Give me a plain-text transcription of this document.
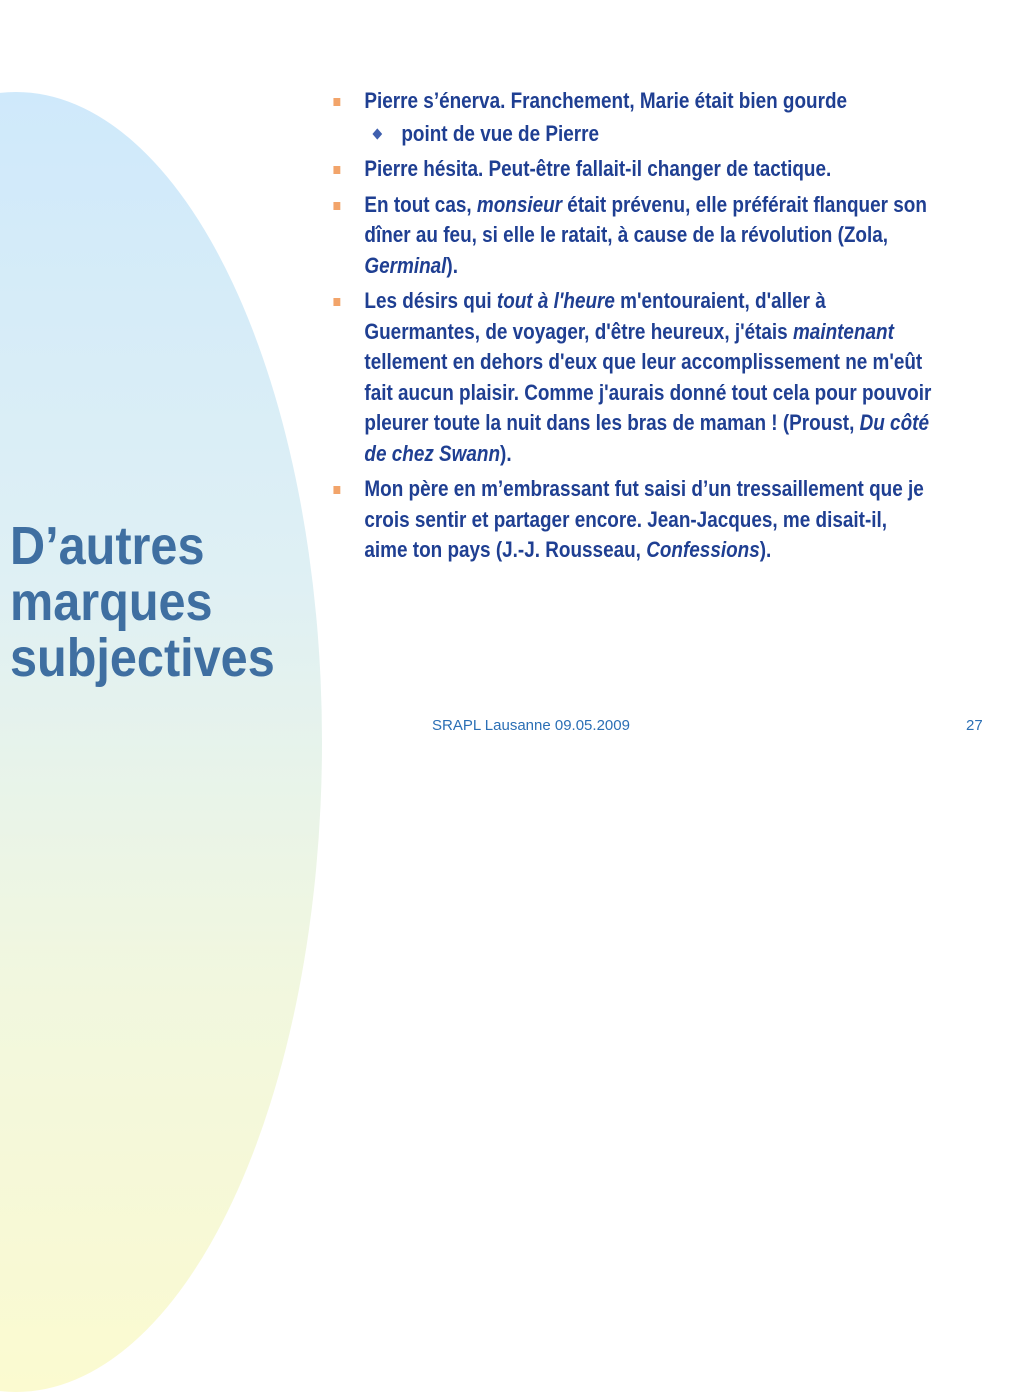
D’autres marques subjectives
Pierre s’énerva. Franchement, Marie était bien gourde
point de vue de Pierre
Pierre hésita. Peut-être fallait-il changer de tactique.
En tout cas, monsieur était prévenu, elle préférait flanquer son dîner au feu, si elle le ratait, à cause de la révolution (Zola, Germinal).
Les désirs qui tout à l'heure m'entouraient, d'aller à Guermantes, de voyager, d'être heureux, j'étais maintenant tellement en dehors d'eux que leur accomplissement ne m'eût fait aucun plaisir. Comme j'aurais donné tout cela pour pouvoir pleurer toute la nuit dans les bras de maman ! (Proust, Du côté de chez Swann).
Mon père en m’embrassant fut saisi d’un tressaillement que je crois sentir et partager encore. Jean-Jacques, me disait-il, aime ton pays (J.-J. Rousseau, Confessions).
SRAPL Lausanne 09.05.2009	27
